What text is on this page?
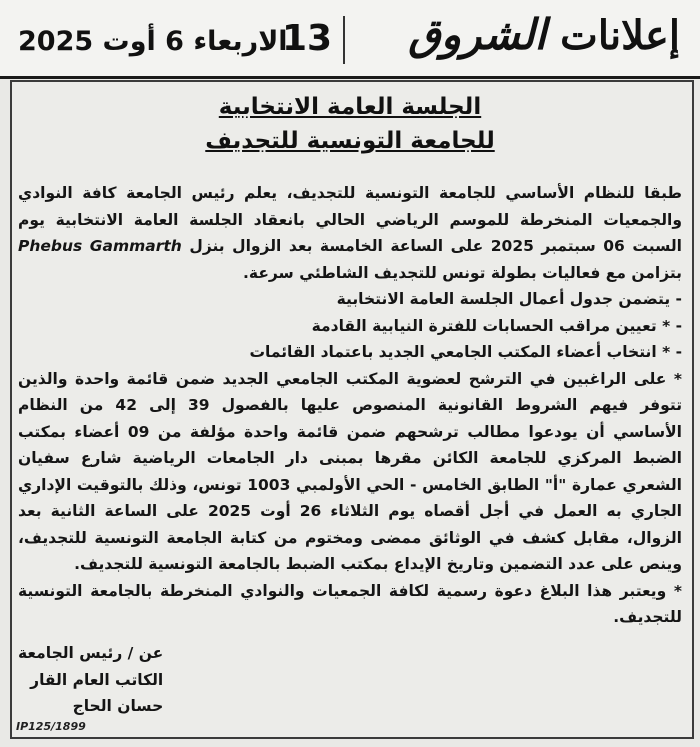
الاربعاء 6 أوت 2025
13	إعلانات الشروق
الجلسة العامة الانتخابية
للجامعة التونسية للتجديف

طبقا للنظام الأساسي للجامعة التونسية للتجديف، يعلم رئيس الجامعة كافة النوادي والجمعيات المنخرطة للموسم الرياضي الحالي بانعقاد الجلسة العامة الانتخابية يوم السبت 06 سبتمبر 2025 على الساعة الخامسة بعد الزوال بنزل Phebus Gammarth بتزامن مع فعاليات بطولة تونس للتجديف الشاطئي سرعة.

- يتضمن جدول أعمال الجلسة العامة الانتخابية

- * تعيين مراقب الحسابات للفترة النيابية القادمة

- * انتخاب أعضاء المكتب الجامعي الجديد باعتماد القائمات

* على الراغبين في الترشح لعضوية المكتب الجامعي الجديد ضمن قائمة واحدة والذين تتوفر فيهم الشروط القانونية المنصوص عليها بالفصول 39 إلى 42 من النظام الأساسي أن يودعوا مطالب ترشحهم ضمن قائمة واحدة مؤلفة من 09 أعضاء بمكتب الضبط المركزي للجامعة الكائن مقرها بمبنى دار الجامعات الرياضية شارع سفيان الشعري عمارة "أ" الطابق الخامس - الحي الأولمبي 1003 تونس، وذلك بالتوقيت الإداري الجاري به العمل في أجل أقصاه يوم الثلاثاء 26 أوت 2025 على الساعة الثانية بعد الزوال، مقابل كشف في الوثائق ممضى ومختوم من كتابة الجامعة التونسية للتجديف، وينص على عدد التضمين وتاريخ الإيداع بمكتب الضبط بالجامعة التونسية للتجديف.

* ويعتبر هذا البلاغ دعوة رسمية لكافة الجمعيات والنوادي المنخرطة بالجامعة التونسية للتجديف.

عن / رئيس الجامعة
الكاتب العام القار
حسان الحاج
IP125/1899
